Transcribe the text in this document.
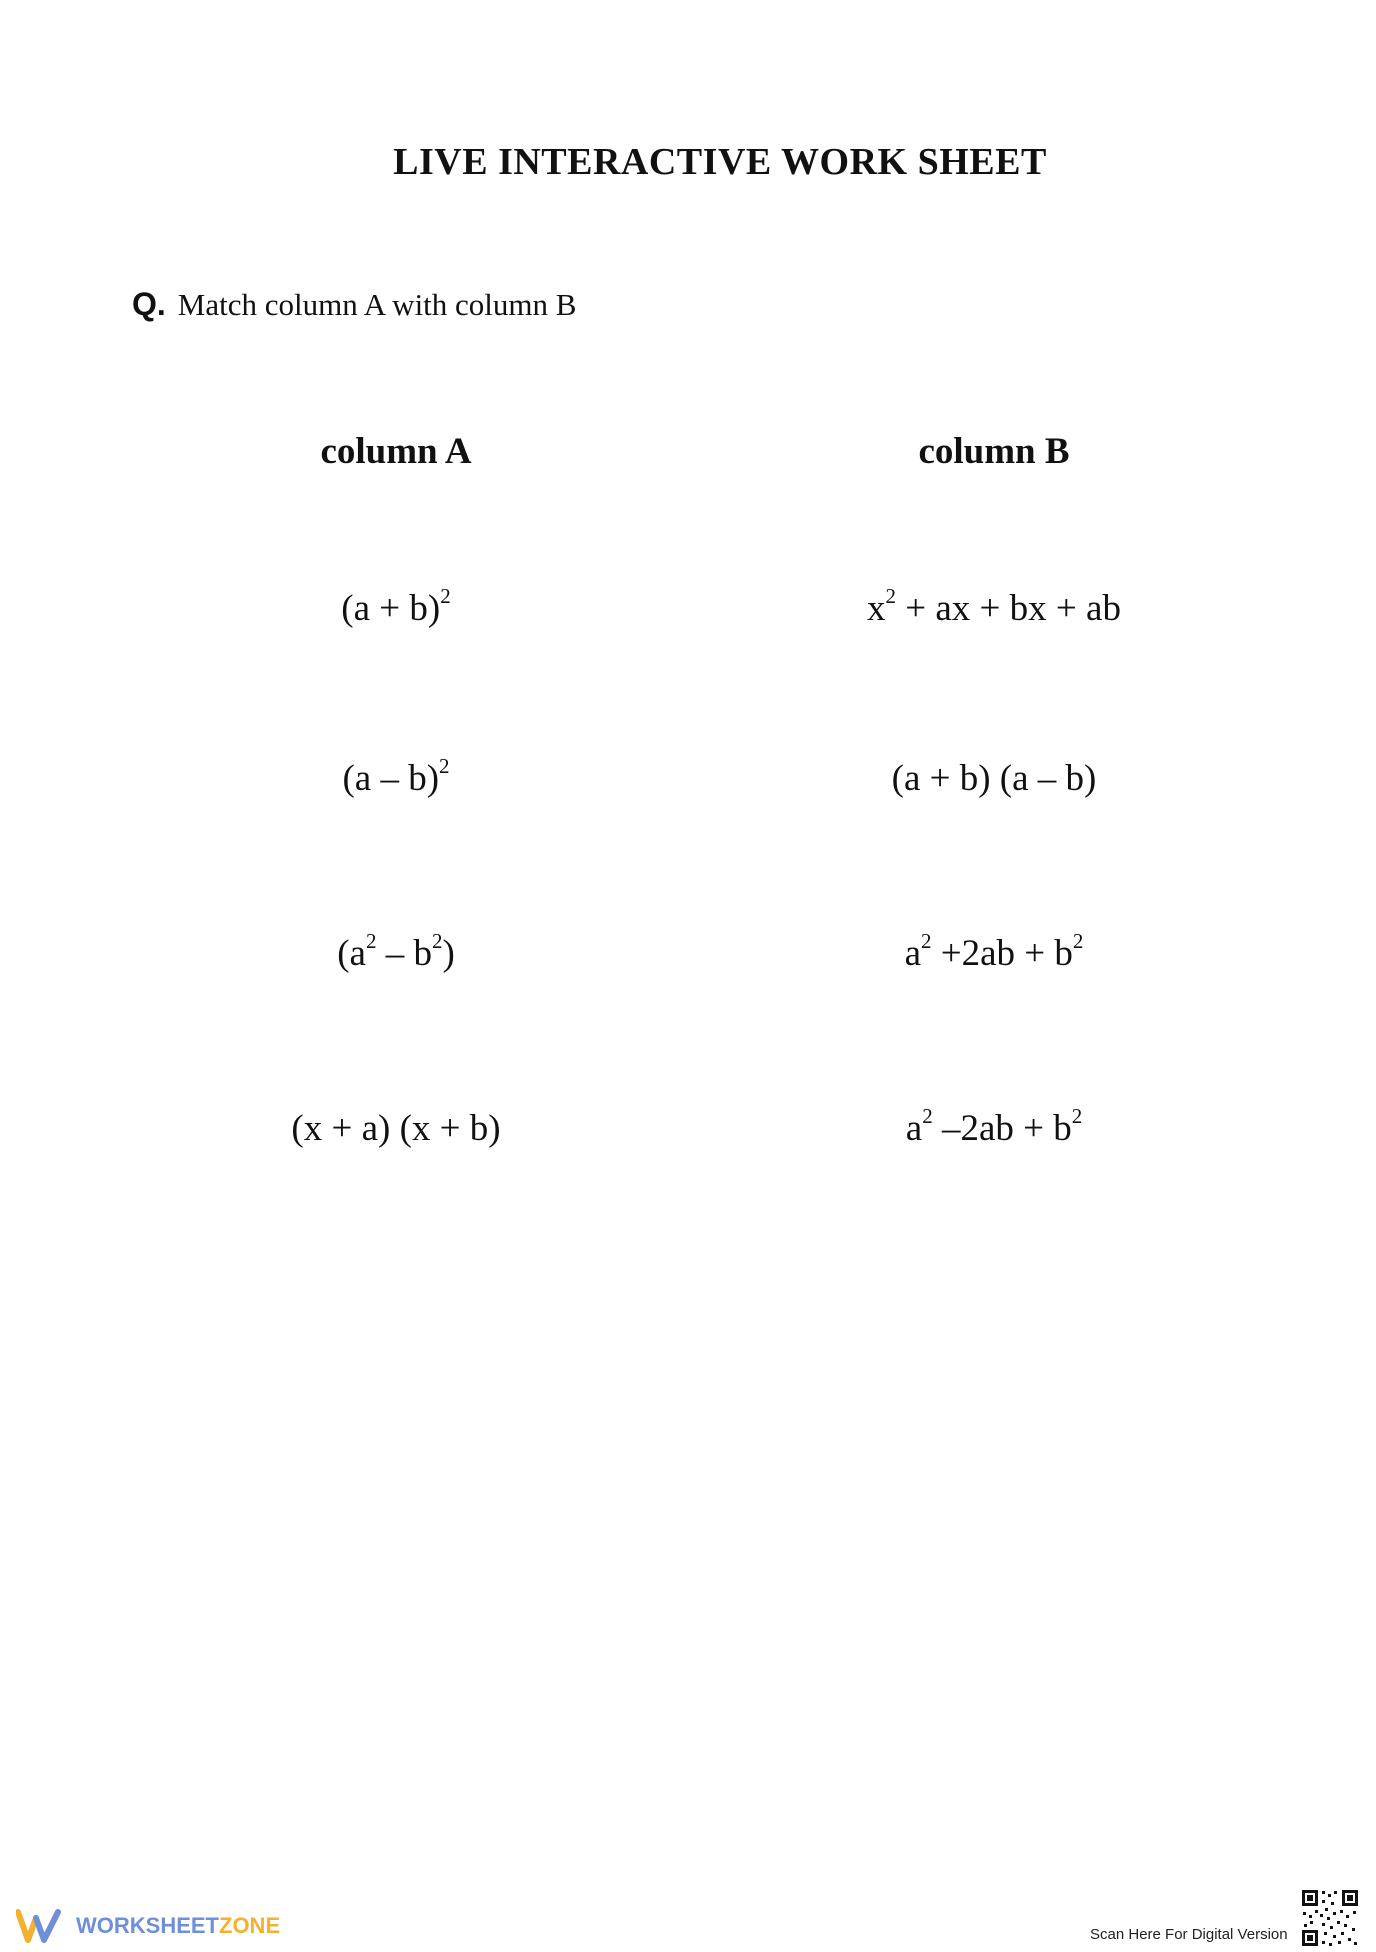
LIVE INTERACTIVE WORK SHEET
Q. Match column A with column B
column A	column B
$(a + b)^2$
(a – b)$^2$
$(a^2 - b^2)$
(x + a) (x + b)
$x^2$ + ax + bx + ab
(a + b) (a – b)
$a^2 +2ab + b^2$
$a^2$ $-2ab + b^2$
WORKSHEET ZONE	Scan Here For Digital Version
